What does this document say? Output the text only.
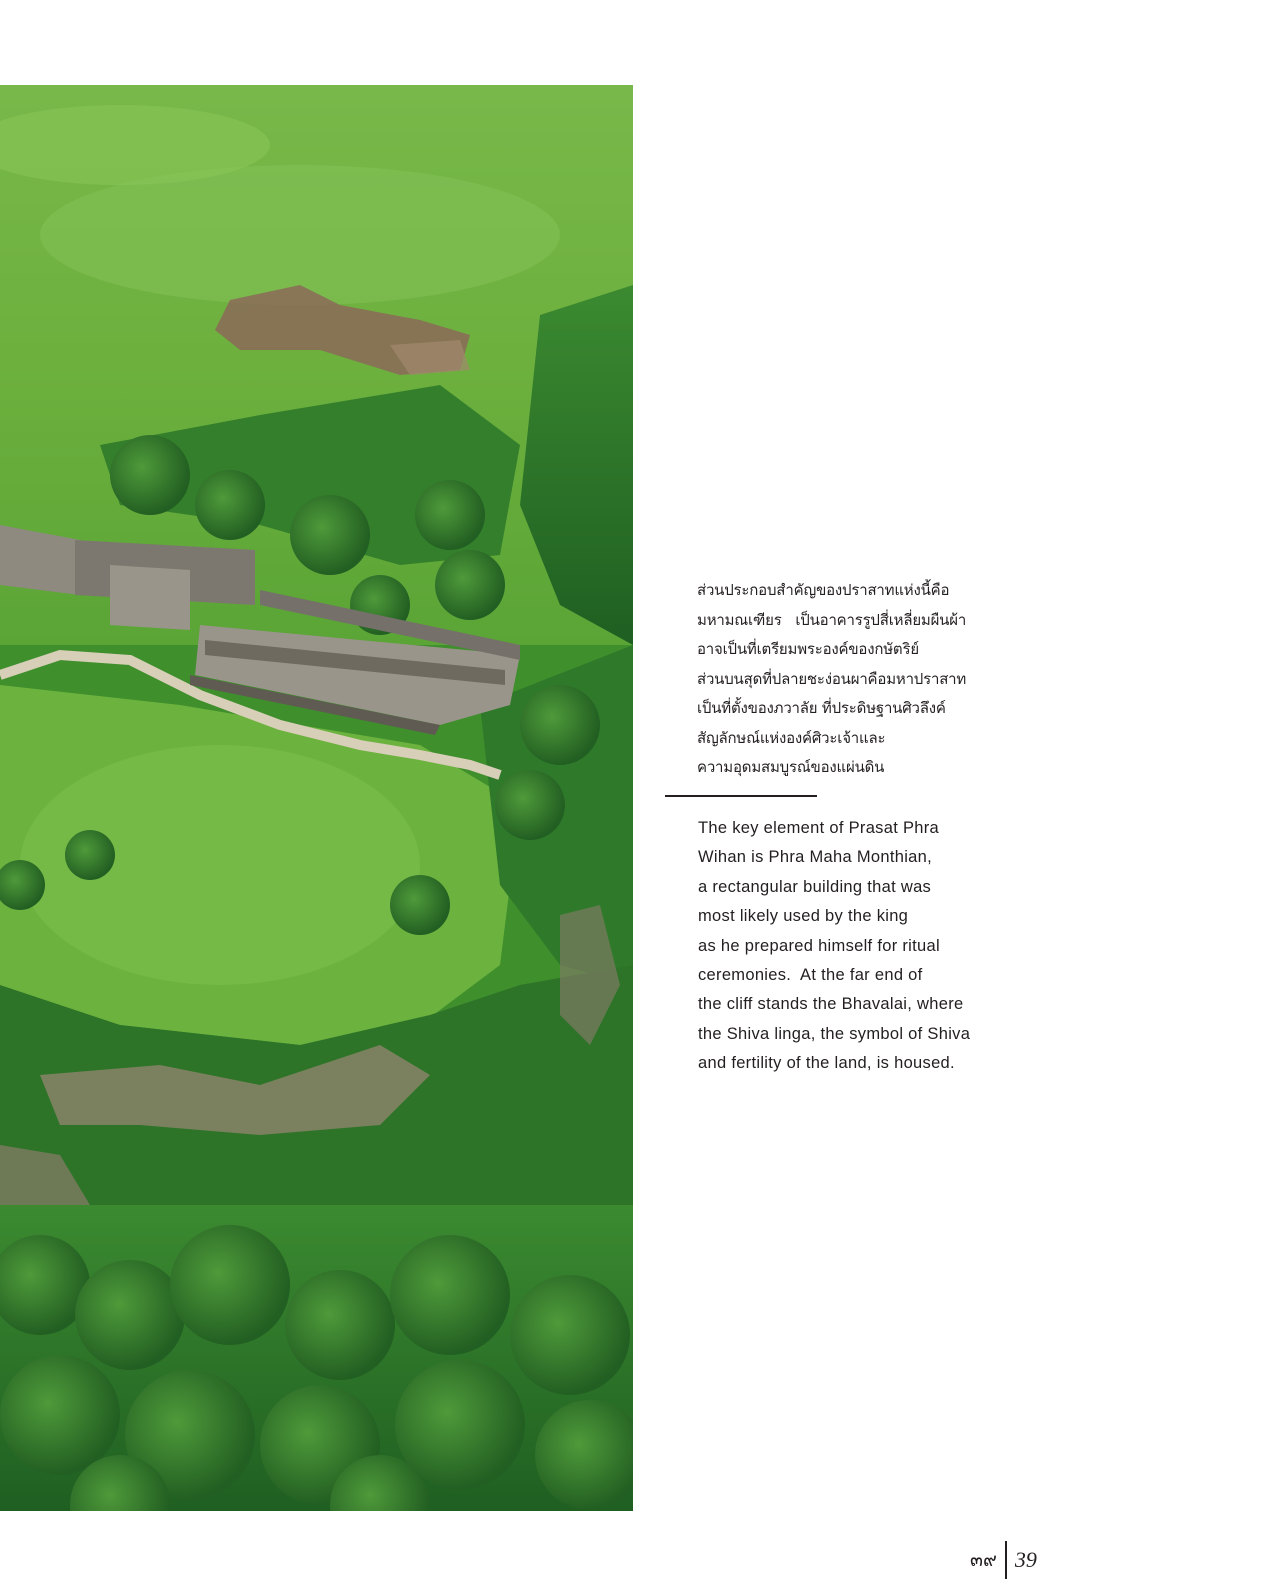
ส่วนประกอบสำคัญของปราสาทแห่งนี้คือ
มหามณเฑียร   เป็นอาคารรูปสี่เหลี่ยมผืนผ้า
อาจเป็นที่เตรียมพระองค์ของกษัตริย์
ส่วนบนสุดที่ปลายชะง่อนผาคือมหาปราสาท
เป็นที่ตั้งของภวาลัย ที่ประดิษฐานศิวลึงค์
สัญลักษณ์แห่งองค์ศิวะเจ้าและ
ความอุดมสมบูรณ์ของแผ่นดิน
The key element of Prasat Phra
Wihan is Phra Maha Monthian,
a rectangular building that was
most likely used by the king
as he prepared himself for ritual
ceremonies.  At the far end of
the cliff stands the Bhavalai, where
the Shiva linga, the symbol of Shiva
and fertility of the land, is housed.
๓๙ 39
